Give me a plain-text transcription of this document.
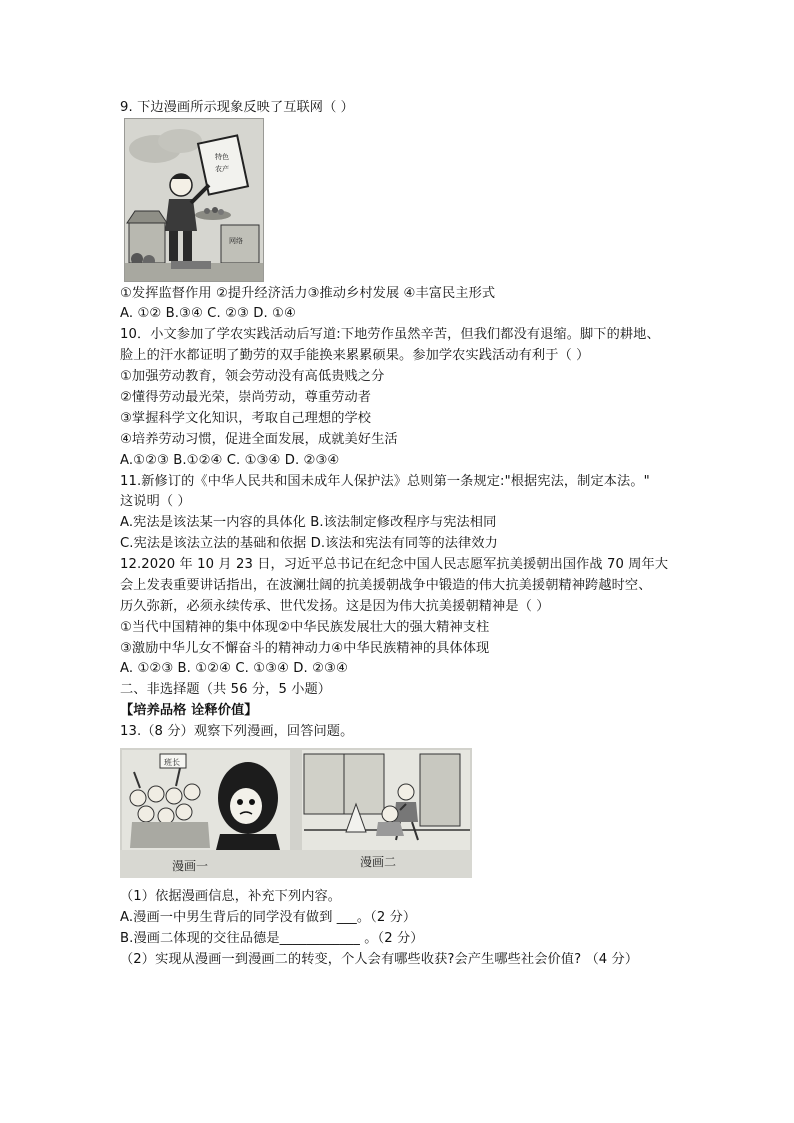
9. 下边漫画所示现象反映了互联网（ ）
特色
农产
网络
①发挥监督作用 ②提升经济活力③推动乡村发展 ④丰富民主形式
A. ①② B.③④ C. ②③ D. ①④
10．小文参加了学农实践活动后写道:下地劳作虽然辛苦，但我们都没有退缩。脚下的耕地、
脸上的汗水都证明了勤劳的双手能换来累累硕果。参加学农实践活动有利于（ ）
①加强劳动教育，领会劳动没有高低贵贱之分
②懂得劳动最光荣，崇尚劳动，尊重劳动者
③掌握科学文化知识，考取自己理想的学校
④培养劳动习惯，促进全面发展，成就美好生活
A.①②③ B.①②④ C. ①③④ D. ②③④
11.新修订的《中华人民共和国未成年人保护法》总则第一条规定:"根据宪法，制定本法。"
这说明（ ）
A.宪法是该法某一内容的具体化 B.该法制定修改程序与宪法相同
C.宪法是该法立法的基础和依据 D.该法和宪法有同等的法律效力
12.2020 年 10 月 23 日，习近平总书记在纪念中国人民志愿军抗美援朝出国作战 70 周年大
会上发表重要讲话指出，在波澜壮阔的抗美援朝战争中锻造的伟大抗美援朝精神跨越时空、
历久弥新，必须永续传承、世代发扬。这是因为伟大抗美援朝精神是（ ）
①当代中国精神的集中体现②中华民族发展壮大的强大精神支柱
③激励中华儿女不懈奋斗的精神动力④中华民族精神的具体体现
A. ①②③ B. ①②④ C. ①③④ D. ②③④
二、非选择题（共 56 分，5 小题）
【培养品格 诠释价值】
13.（8 分）观察下列漫画，回答问题。
班长
漫画一	漫画二
（1）依据漫画信息，补充下列内容。
A.漫画一中男生背后的同学没有做到 ___。（2 分）
B.漫画二体现的交往品德是____________ 。（2 分）
（2）实现从漫画一到漫画二的转变，个人会有哪些收获?会产生哪些社会价值? （4 分）
